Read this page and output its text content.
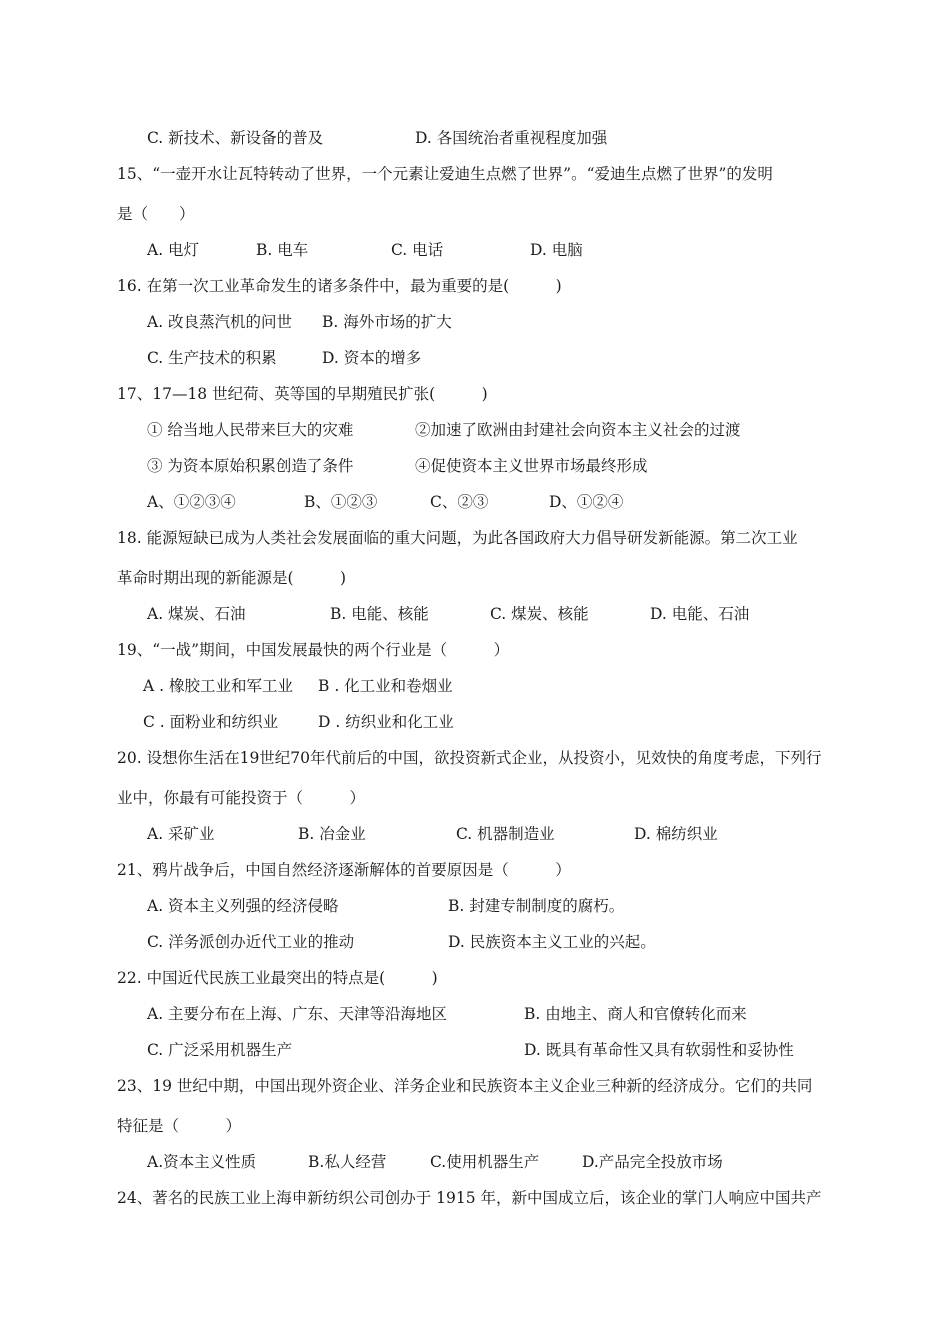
C. 新技术、新设备的普及	D. 各国统治者重视程度加强
15、“一壶开水让瓦特转动了世界，一个元素让爱迪生点燃了世界”。“爱迪生点燃了世界”的发明
是（　　）
A. 电灯	B. 电车	C. 电话	D. 电脑
16. 在第一次工业革命发生的诸多条件中，最为重要的是(　　　)
A. 改良蒸汽机的问世 B. 海外市场的扩大
C. 生产技术的积累	D. 资本的增多
17、17—18 世纪荷、英等国的早期殖民扩张(　　　)
① 给当地人民带来巨大的灾难	②加速了欧洲由封建社会向资本主义社会的过渡
③ 为资本原始积累创造了条件	④促使资本主义世界市场最终形成
A、①②③④	B、①②③	C、②③	D、①②④
18. 能源短缺已成为人类社会发展面临的重大问题，为此各国政府大力倡导研发新能源。第二次工业
革命时期出现的新能源是(　　　)
A. 煤炭、石油	B. 电能、核能	C. 煤炭、核能	D. 电能、石油
19、“一战”期间，中国发展最快的两个行业是（　　　）
A . 橡胶工业和军工业 B . 化工业和卷烟业
C . 面粉业和纺织业	D . 纺织业和化工业
20. 设想你生活在19世纪70年代前后的中国，欲投资新式企业，从投资小，见效快的角度考虑，下列行
业中，你最有可能投资于（　　　）
A. 采矿业	B. 冶金业	C. 机器制造业	D. 棉纺织业
21、鸦片战争后，中国自然经济逐渐解体的首要原因是（　　　）
A. 资本主义列强的经济侵略	B. 封建专制制度的腐朽。
C. 洋务派创办近代工业的推动	D. 民族资本主义工业的兴起。
22. 中国近代民族工业最突出的特点是(　　　)
A. 主要分布在上海、广东、天津等沿海地区	B. 由地主、商人和官僚转化而来
C. 广泛采用机器生产	D. 既具有革命性又具有软弱性和妥协性
23、19 世纪中期，中国出现外资企业、洋务企业和民族资本主义企业三种新的经济成分。它们的共同
特征是（　　　）
A.资本主义性质	B.私人经营	C.使用机器生产	D.产品完全投放市场
24、著名的民族工业上海申新纺织公司创办于 1915 年，新中国成立后，该企业的掌门人响应中国共产
